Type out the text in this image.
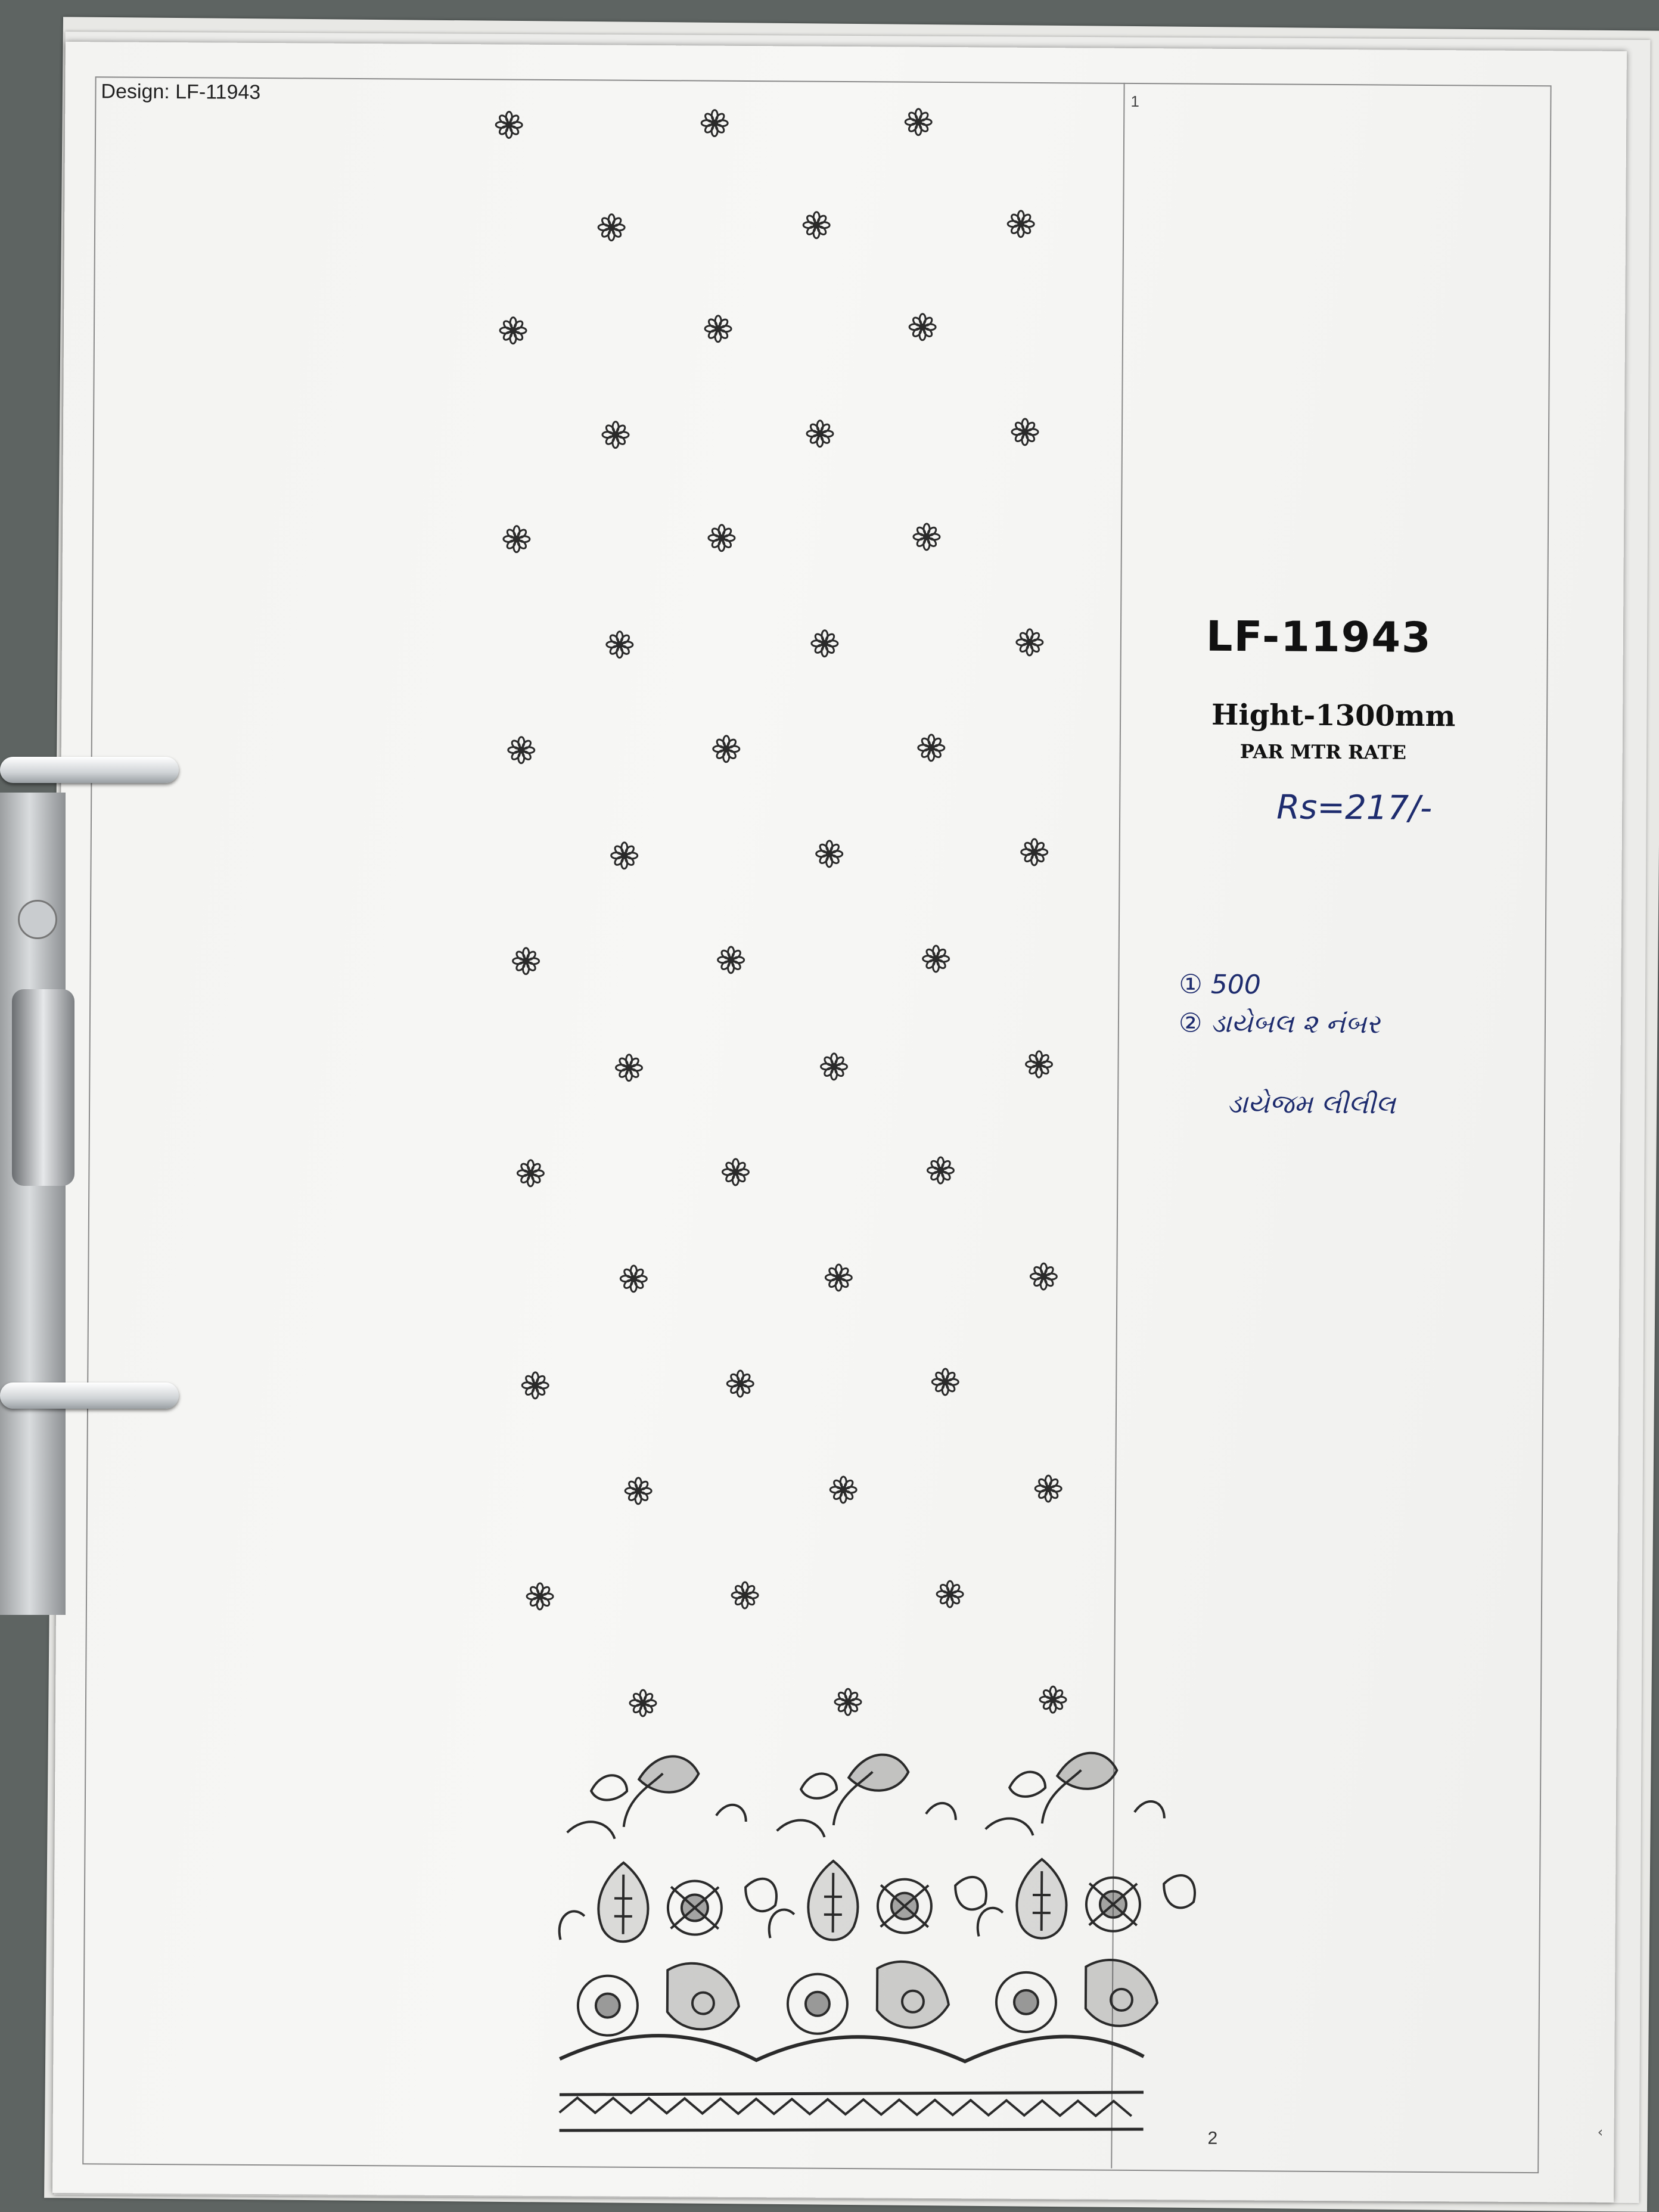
Design: LF-11943	1
2
LF-11943
Hight-1300mm
PAR MTR RATE
Rs=217/-
① 500
② ડાયેબલ ૨ નંબર
ડાયેજમ લીલીલ
‹
